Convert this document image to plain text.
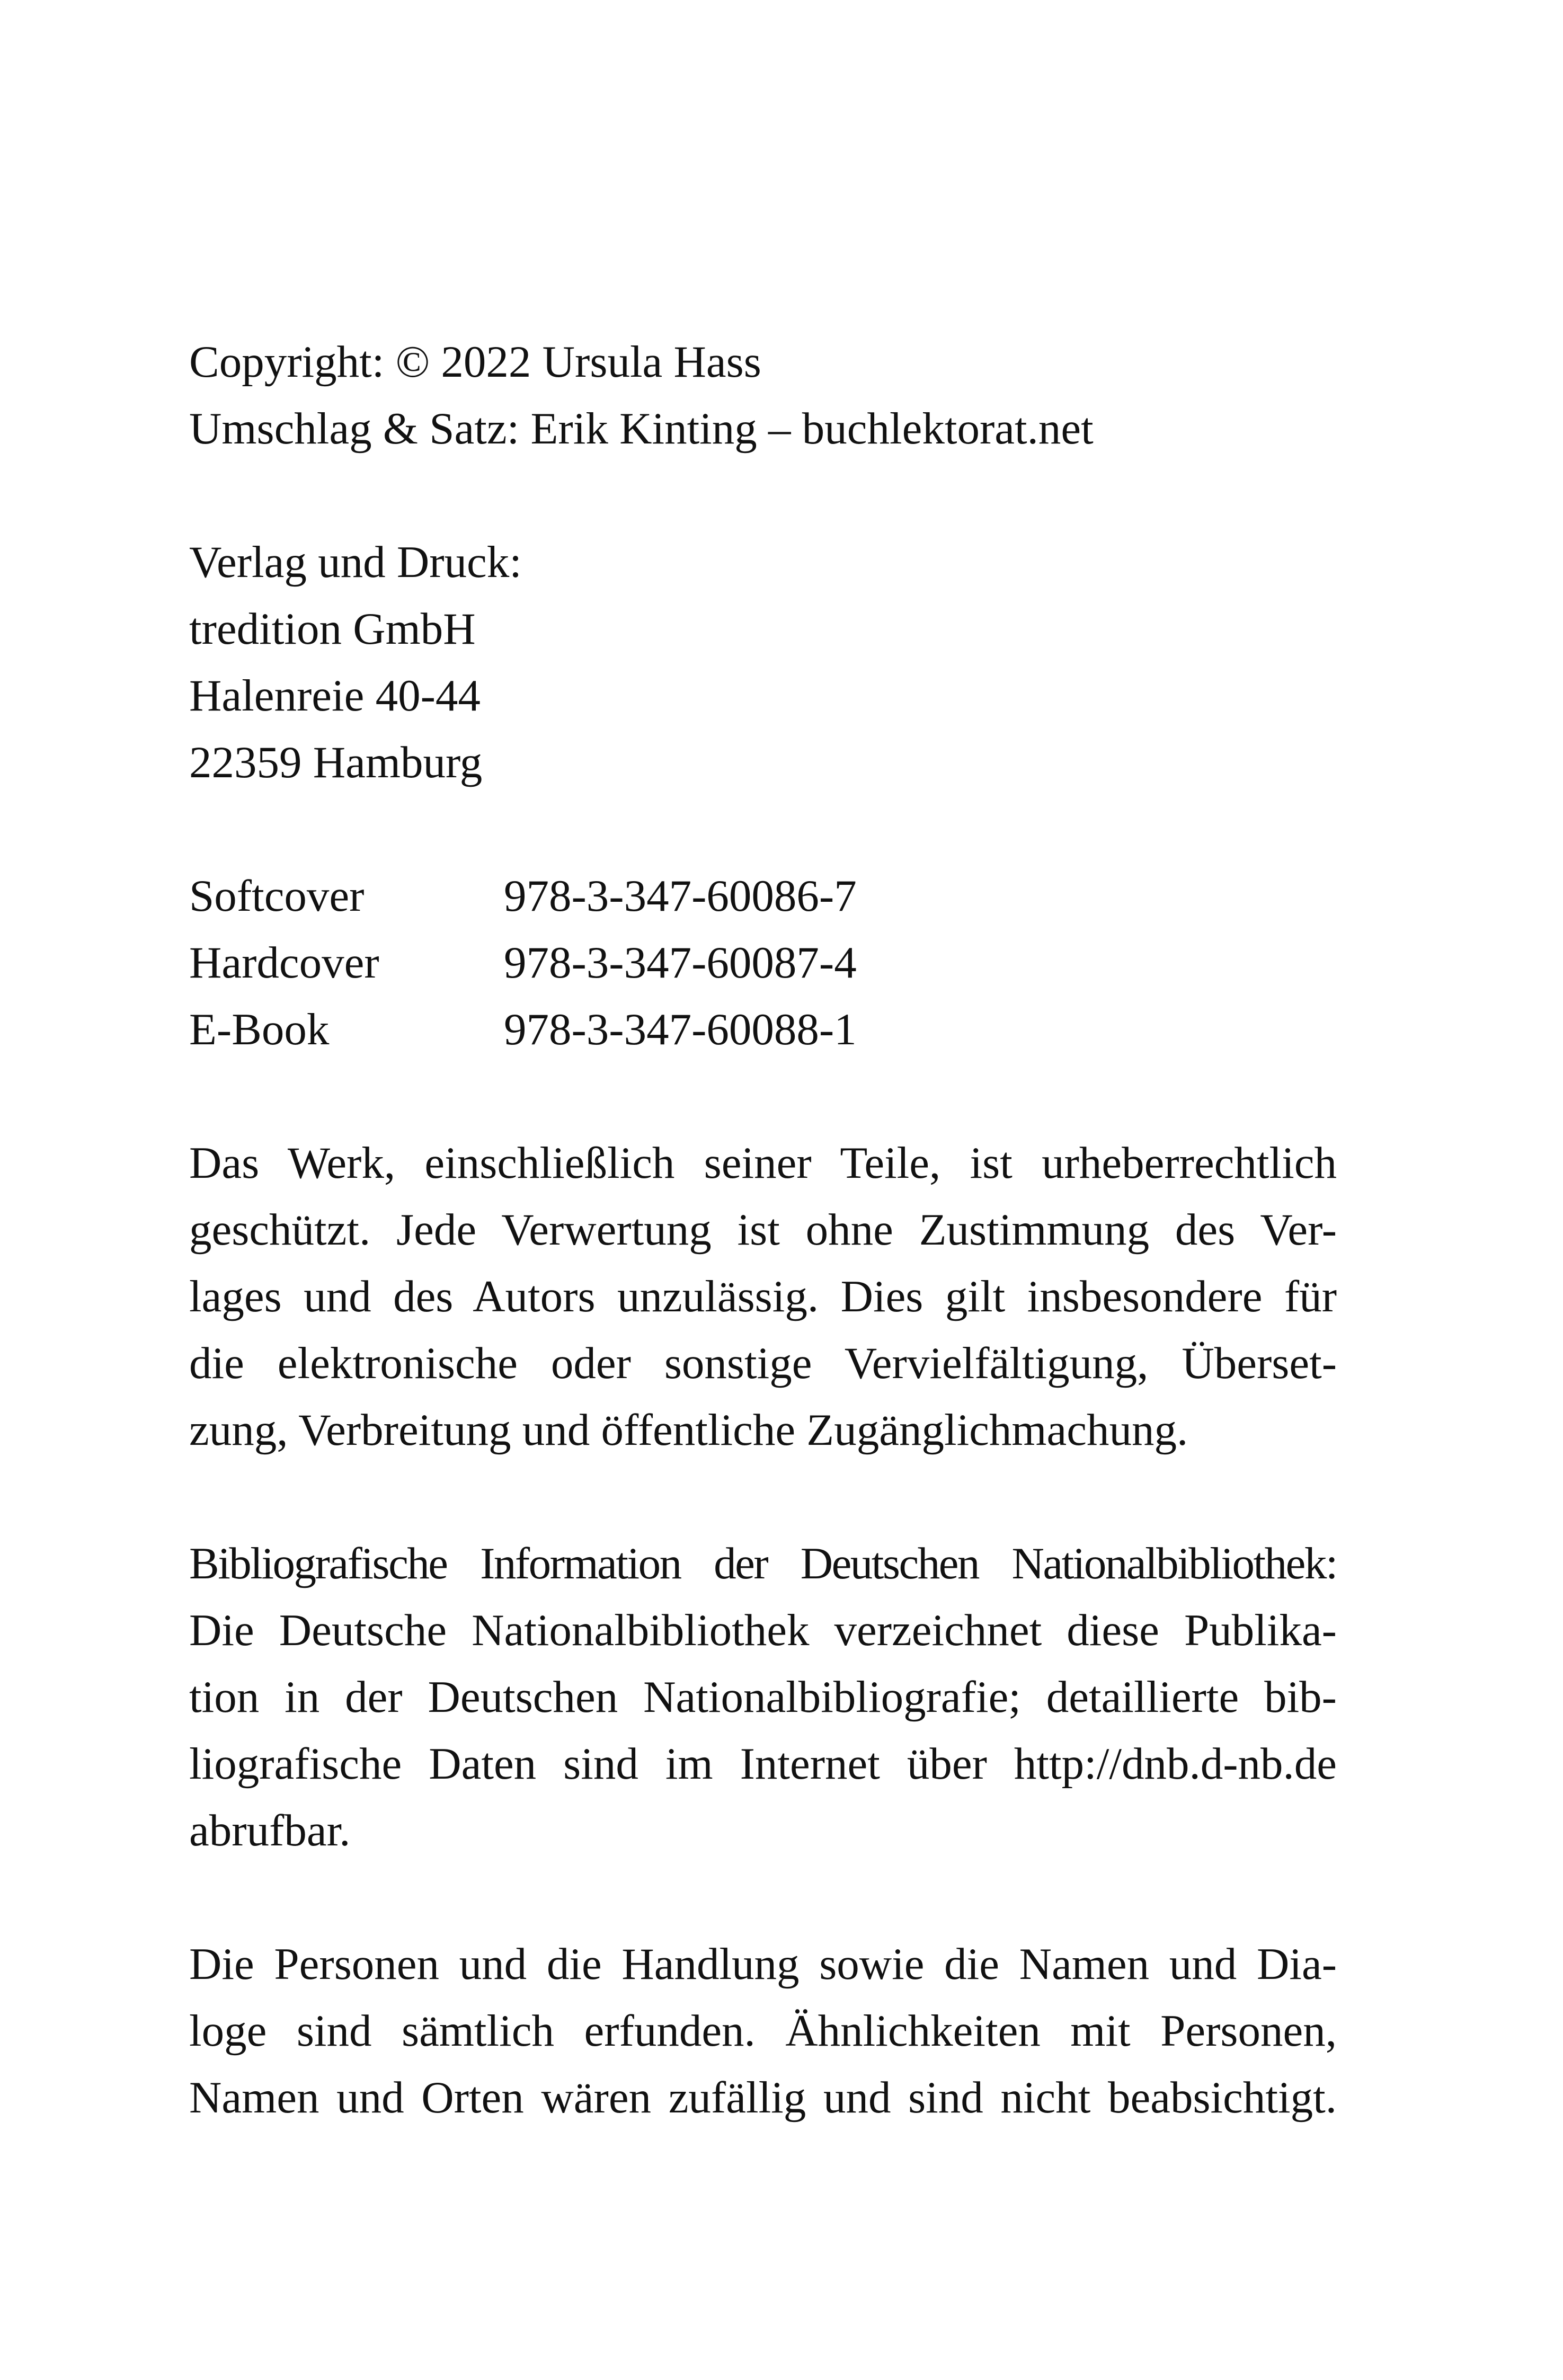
Copyright: © 2022 Ursula Hass
Umschlag & Satz: Erik Kinting – buchlektorat.net
Verlag und Druck:
tredition GmbH
Halenreie 40-44
22359 Hamburg
Softcover	978-3-347-60086-7
Hardcover	978-3-347-60087-4
E-Book	978-3-347-60088-1
Das Werk, einschließlich seiner Teile, ist urheberrechtlich
geschützt. Jede Verwertung ist ohne Zustimmung des Ver-
lages und des Autors unzulässig. Dies gilt insbesondere für
die elektronische oder sonstige Vervielfältigung, Überset-
zung, Verbreitung und öffentliche Zugänglichmachung.
Bibliografische Information der Deutschen Nationalbibliothek:
Die Deutsche Nationalbibliothek verzeichnet diese Publika-
tion in der Deutschen Nationalbibliografie; detaillierte bib-
liografische Daten sind im Internet über http://dnb.d-nb.de
abrufbar.
Die Personen und die Handlung sowie die Namen und Dia-
loge sind sämtlich erfunden. Ähnlichkeiten mit Personen,
Namen und Orten wären zufällig und sind nicht beabsichtigt.
